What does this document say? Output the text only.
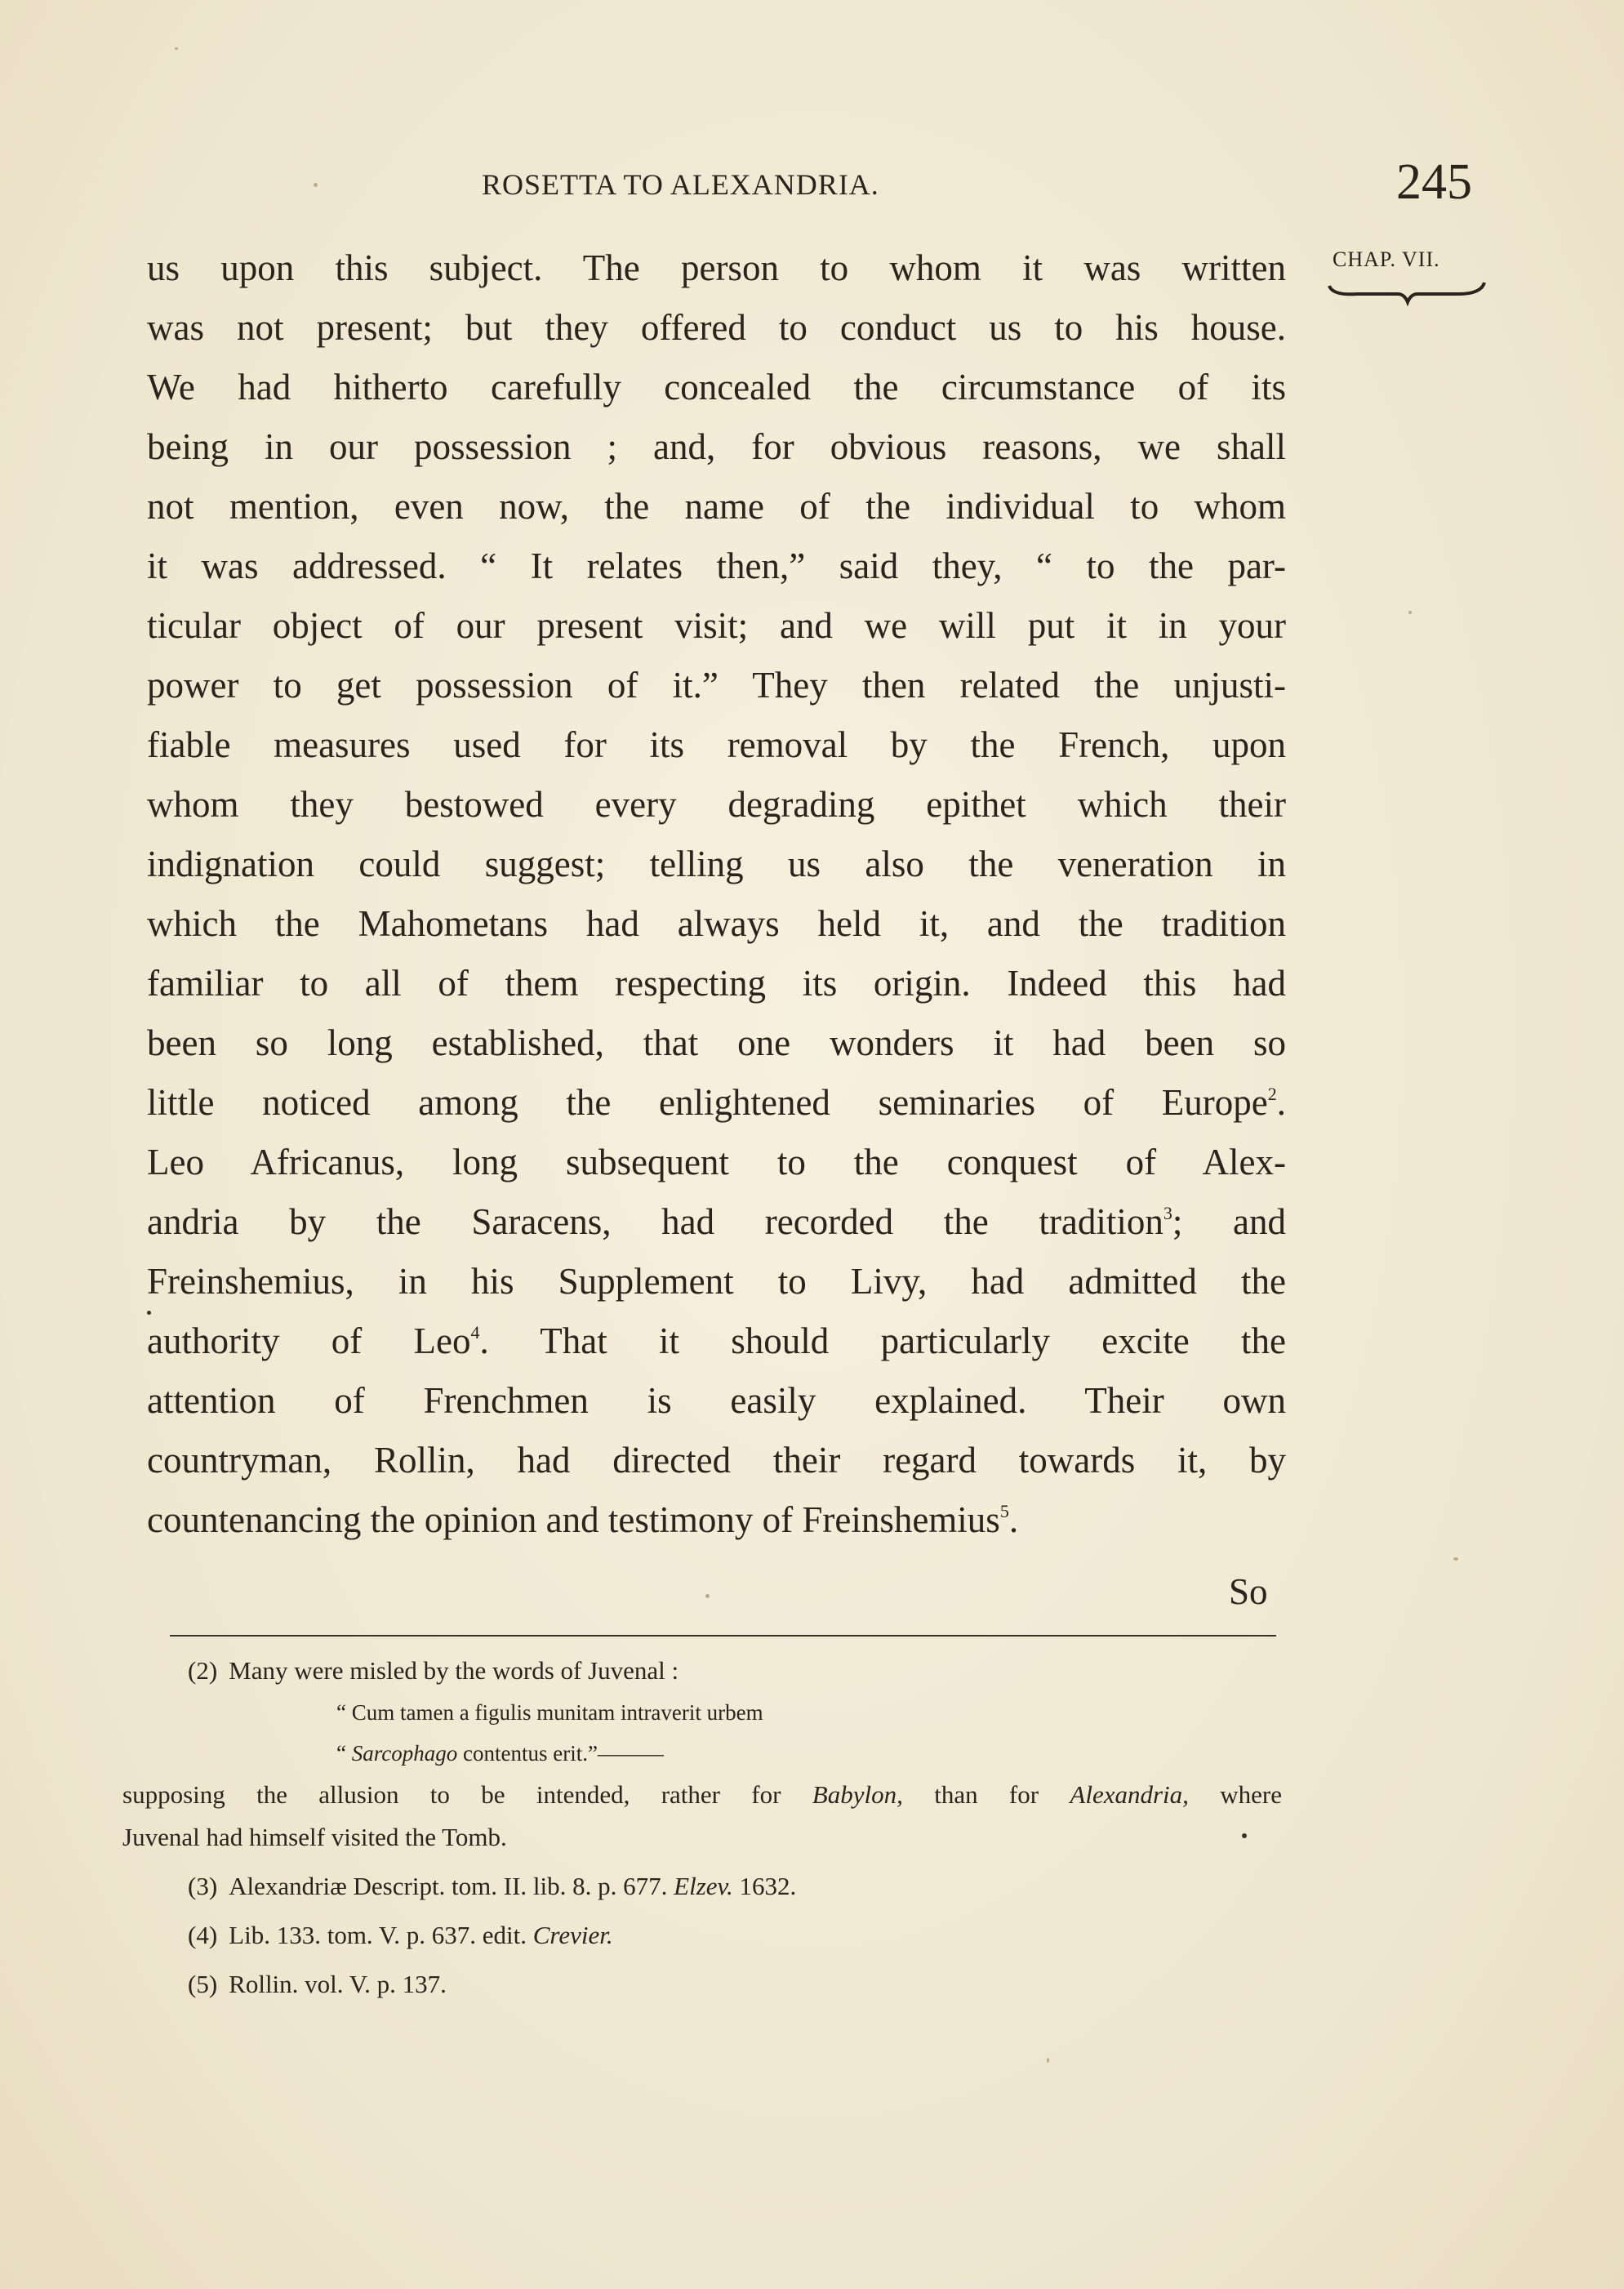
ROSETTA TO ALEXANDRIA.	245
CHAP. VII.
us upon this subject. The person to whom it was written
was not present; but they offered to conduct us to his house.
We had hitherto carefully concealed the circumstance of its
being in our possession ; and, for obvious reasons, we shall
not mention, even now, the name of the individual to whom
it was addressed. “ It relates then,” said they, “ to the par-
ticular object of our present visit; and we will put it in your
power to get possession of it.” They then related the unjusti-
fiable measures used for its removal by the French, upon
whom they bestowed every degrading epithet which their
indignation could suggest; telling us also the veneration in
which the Mahometans had always held it, and the tradition
familiar to all of them respecting its origin. Indeed this had
been so long established, that one wonders it had been so
little noticed among the enlightened seminaries of Europe$^2$.
Leo Africanus, long subsequent to the conquest of Alex-
andria by the Saracens, had recorded the tradition$^3$; and
Freinshemius, in his Supplement to Livy, had admitted the
authority of Leo$^4$. That it should particularly excite the
attention of Frenchmen is easily explained. Their own
countryman, Rollin, had directed their regard towards it, by
countenancing the opinion and testimony of Freinshemius$^5$.
So
(2) Many were misled by the words of Juvenal :
“ Cum tamen a figulis munitam intraverit urbem
“ Sarcophago contentus erit.”———
supposing the allusion to be intended, rather for Babylon, than for Alexandria, where
Juvenal had himself visited the Tomb.
(3) Alexandriæ Descript. tom. II. lib. 8. p. 677. Elzev. 1632.
(4) Lib. 133. tom. V. p. 637. edit. Crevier.
(5) Rollin. vol. V. p. 137.
